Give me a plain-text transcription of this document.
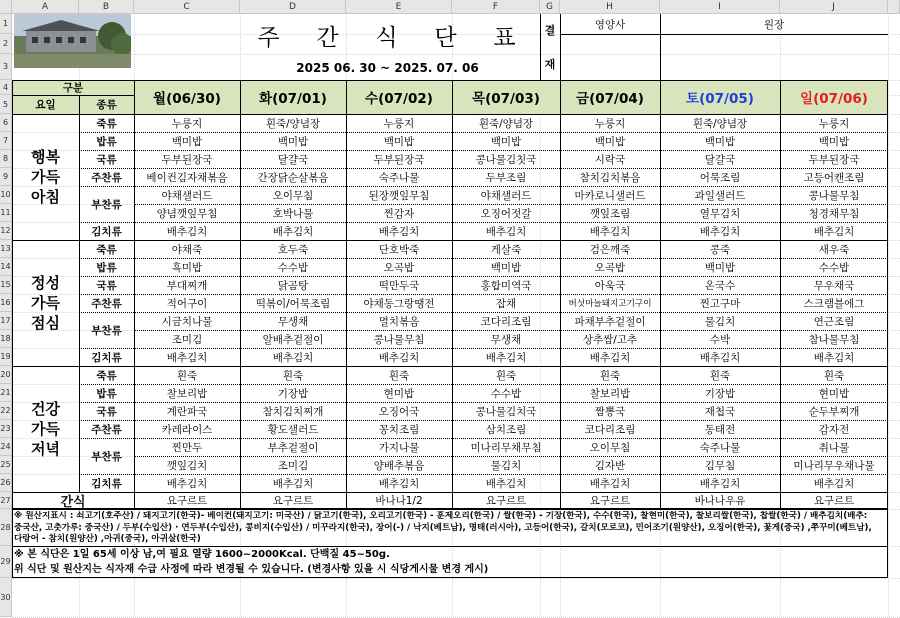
A	B	C	D	E	F	G	H	I	J
1
2
3
4
5
6
7
8
9
10
11
12
13
14
15
16
17
18
19
20
21
22
23
24
25
26
27
28
29
30
주 간 식 단 표
2025 06. 30 ~ 2025. 07. 06
결
재
영양사	원장
구분
요일	종류	월(06/30)	화(07/01)	수(07/02)	목(07/03)	금(07/04)	토(07/05)	일(07/06)
행복
가득
아침
죽류	누룽지	흰죽/양념장	누룽지	흰죽/양념장	누룽지	흰죽/양념장	누룽지
밥류	백미밥	백미밥	백미밥	백미밥	백미밥	백미밥	백미밥
국류	두부된장국	달걀국	두부된장국	콩나물김칫국	시락국	달걀국	두부된장국
주찬류	베이컨김자채볶음	간장닭순살볶음	숙주나물	두부조림	참치김치볶음	어묵조림	고등어캔조림
부찬류
야채샐러드	오이무침	된장깻잎무침	야채샐러드	마카로니샐러드	과일샐러드	콩나물무침
양념깻잎무침	호박나물	찐감자	오징어젓갈	깻잎조림	열무김치	청경채무침
김치류	배추김치	배추김치	배추김치	배추김치	배추김치	배추김치	배추김치
정성
가득
점심
죽류	야채죽	호두죽	단호박죽	게살죽	검은깨죽	콩죽	새우죽
밥류	흑미밥	수수밥	오곡밥	백미밥	오곡밥	백미밥	수수밥
국류	부대찌개	닭곰탕	떡만두국	홍합미역국	아욱국	온국수	무우채국
주찬류	적어구이	떡볶이/어묵조림	야채동그랑땡전	잡채	버섯마늘돼지고기구이	찐고구마	스크램블에그
부찬류
시금치나물	무생채	멸치볶음	코다리조림	파채부추겉절이	물김치	연근조림
조미김	알배추겉절이	콩나물무침	무생채	상추쌈/고추	수박	참나물무침
김치류	배추김치	배추김치	배추김치	배추김치	배추김치	배추김치	배추김치
건강
가득
저녁
죽류	흰죽	흰죽	흰죽	흰죽	흰죽	흰죽	흰죽
밥류	찰보리밥	기장밥	현미밥	수수밥	찰보리밥	기장밥	현미밥
국류	계란파국	참치김치찌개	오징어국	콩나물김치국	짬뽕국	재첩국	순두부찌개
주찬류	카레라이스	황도샐러드	꽁치조림	삼치조림	코다리조림	동태전	감자전
부찬류
찐만두	부추겉절이	가지나물	미나리무채무침	오이무침	숙주나물	취나물
깻잎김치	조미김	양배추볶음	물김치	김자반	김무침	미나리무우채나물
김치류	배추김치	배추김치	배추김치	배추김치	배추김치	배추김치	배추김치
간식	요구르트	요구르트	바나나1/2	요구르트	요구르트	바나나우유	요구르트
※ 원산지표시 : 쇠고기(호주산) / 돼지고기(한국)- 베이컨(돼지고기: 미국산) / 닭고기(한국), 오리고기(한국) - 훈제오리(한국) / 쌀(한국) - 기장(한국), 수수(한국), 찰현미(한국), 찰보리쌀(한국), 찹쌀(한국) / 배추김치(배추:
중국산, 고춧가루: 중국산) / 두부(수입산) · 연두부(수입산), 콩비지(수입산) / 미꾸라지(한국), 장어(-) / 낙지(베트남), 명태(러시아), 고등어(한국), 갈치(모로코), 민어조기(원양산), 오징어(한국), 꽃게(중국) ,쭈꾸미(베트남),
다랑어 - 참치(원양산) ,아귀(중국), 아귀살(한국)
※ 본 식단은 1일 65세 이상 남,여 필요 열량 1600~2000Kcal. 단백질 45~50g.
위 식단 및 원산지는 식자재 수급 사정에 따라 변경될 수 있습니다. (변경사항 있을 시 식당게시물 변경 게시)
